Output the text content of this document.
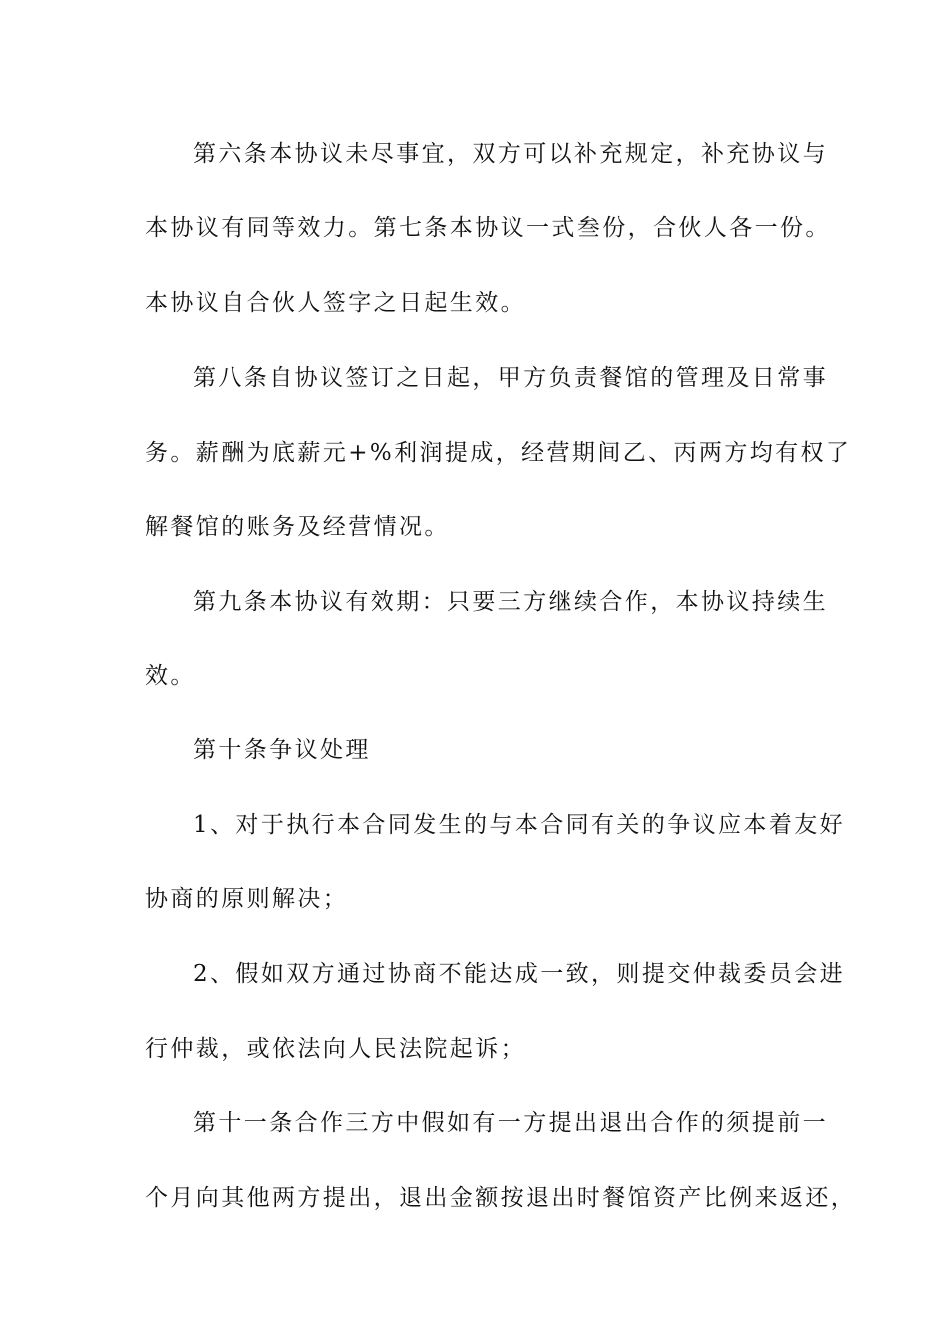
第六条本协议未尽事宜，双方可以补充规定，补充协议与
本协议有同等效力。第七条本协议一式叁份，合伙人各一份。
本协议自合伙人签字之日起生效。
第八条自协议签订之日起，甲方负责餐馆的管理及日常事
务。薪酬为底薪元+%利润提成，经营期间乙、丙两方均有权了
解餐馆的账务及经营情况。
第九条本协议有效期：只要三方继续合作，本协议持续生
效。
第十条争议处理
1、对于执行本合同发生的与本合同有关的争议应本着友好
协商的原则解决；
2、假如双方通过协商不能达成一致，则提交仲裁委员会进
行仲裁，或依法向人民法院起诉；
第十一条合作三方中假如有一方提出退出合作的须提前一
个月向其他两方提出，退出金额按退出时餐馆资产比例来返还，
